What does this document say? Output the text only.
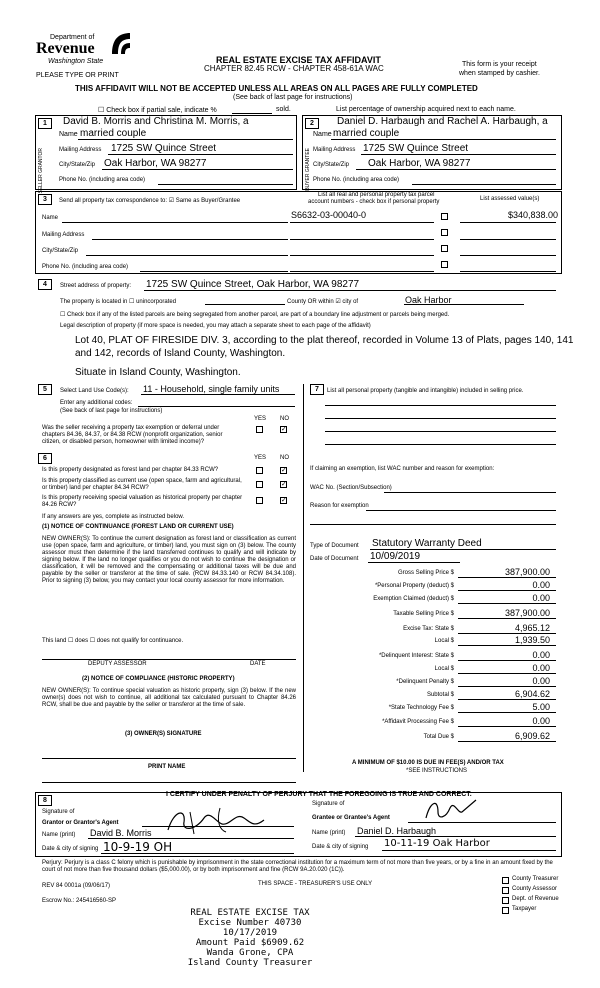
Department of
Revenue
Washington State
PLEASE TYPE OR PRINT
REAL ESTATE EXCISE TAX AFFIDAVIT
CHAPTER 82.45 RCW - CHAPTER 458-61A WAC	This form is your receipt
when stamped by cashier.
THIS AFFIDAVIT WILL NOT BE ACCEPTED UNLESS ALL AREAS ON ALL PAGES ARE FULLY COMPLETED
(See back of last page for instructions)
☐ Check box if partial sale, indicate %	sold.	List percentage of ownership acquired next to each name.
1
SELLER GRANTOR
David B. Morris and Christina M. Morris, a
Name married couple
Mailing Address 1725 SW Quince Street
City/State/Zip Oak Harbor, WA 98277
Phone No. (including area code)
2
BUYER GRANTEE
Daniel D. Harbaugh and Rachel A. Harbaugh, a
Name married couple
Mailing Address 1725 SW Quince Street
City/State/Zip Oak Harbor, WA 98277
Phone No. (including area code)
3	Send all property tax correspondence to: ☑ Same as Buyer/Grantee
List all real and personal property tax parcel
account numbers - check box if personal property	List assessed value(s)
Name
Mailing Address
City/State/Zip
Phone No. (including area code)
S6632-03-00040-0	$340,838.00
4	Street address of property: 1725 SW Quince Street, Oak Harbor, WA 98277
The property is located in ☐ unincorporated	County OR within ☑ city of	Oak Harbor
☐ Check box if any of the listed parcels are being segregated from another parcel, are part of a boundary line adjustment or parcels being merged.
Legal description of property (if more space is needed, you may attach a separate sheet to each page of the affidavit)
Lot 40, PLAT OF FIRESIDE DIV. 3, according to the plat thereof, recorded in Volume 13 of Plats, pages 140, 141
and 142, records of Island County, Washington.
Situate in Island County, Washington.
5	Select Land Use Code(s): 11 - Household, single family units
Enter any additional codes:
(See back of last page for instructions)
YES NO
Was the seller receiving a property tax exemption or deferral under chapters 84.36, 84.37, or 84.38 RCW (nonprofit organization, senior citizen, or disabled person, homeowner with limited income)?
✓
7	List all personal property (tangible and intangible) included in selling price.
6	YES NO
Is this property designated as forest land per chapter 84.33 RCW?	✓
Is this property classified as current use (open space, farm and agricultural, or timber) land per chapter 84.34 RCW?	✓
Is this property receiving special valuation as historical property per chapter 84.26 RCW?
✓
If any answers are yes, complete as instructed below.
(1) NOTICE OF CONTINUANCE (FOREST LAND OR CURRENT USE)
NEW OWNER(S): To continue the current designation as forest land or classification as current use (open space, farm and agriculture, or timber) land, you must sign on (3) below. The county assessor must then determine if the land transferred continues to qualify and will indicate by signing below. If the land no longer qualifies or you do not wish to continue the designation or classification, it will be removed and the compensating or additional taxes will be due and payable by the seller or transferor at the time of sale. (RCW 84.33.140 or RCW 84.34.108). Prior to signing (3) below, you may contact your local county assessor for more information.
This land ☐ does ☐ does not qualify for continuance.
DEPUTY ASSESSOR	DATE
(2) NOTICE OF COMPLIANCE (HISTORIC PROPERTY)
NEW OWNER(S): To continue special valuation as historic property, sign (3) below. If the new owner(s) does not wish to continue, all additional tax calculated pursuant to Chapter 84.26 RCW, shall be due and payable by the seller or transferor at the time of sale.
(3) OWNER(S) SIGNATURE
PRINT NAME
If claiming an exemption, list WAC number and reason for exemption:
WAC No. (Section/Subsection)
Reason for exemption
Type of Document Statutory Warranty Deed
Date of Document 10/09/2019
Gross Selling Price $	387,900.00
*Personal Property (deduct) $	0.00
Exemption Claimed (deduct) $	0.00
Taxable Selling Price $	387,900.00
Excise Tax: State $	4,965.12
Local $	1,939.50
*Delinquent Interest: State $	0.00
Local $	0.00
*Delinquent Penalty $	0.00
Subtotal $	6,904.62
*State Technology Fee $	5.00
*Affidavit Processing Fee $	0.00
Total Due $	6,909.62
A MINIMUM OF $10.00 IS DUE IN FEE(S) AND/OR TAX
*SEE INSTRUCTIONS
8
I CERTIFY UNDER PENALTY OF PERJURY THAT THE FOREGOING IS TRUE AND CORRECT.
Signature of
Grantor or Grantor's Agent
Name (print) David B. Morris
Date & city of signing 10-9-19 OH
Signature of
Grantee or Grantee's Agent
Name (print) Daniel D. Harbaugh
Date & city of signing 10-11-19 Oak Harbor
Perjury: Perjury is a class C felony which is punishable by imprisonment in the state correctional institution for a maximum term of not more than five years, or by a fine in an amount fixed by the court of not more than five thousand dollars ($5,000.00), or by both imprisonment and fine (RCW 9A.20.020 (1C)).
REV 84 0001a (09/06/17)	THIS SPACE - TREASURER'S USE ONLY
Escrow No.: 245416560-SP
County Treasurer
County Assessor
Dept. of Revenue
Taxpayer
REAL ESTATE EXCISE TAX
Excise Number 40730
10/17/2019
Amount Paid $6909.62
Wanda Grone, CPA
Island County Treasurer
